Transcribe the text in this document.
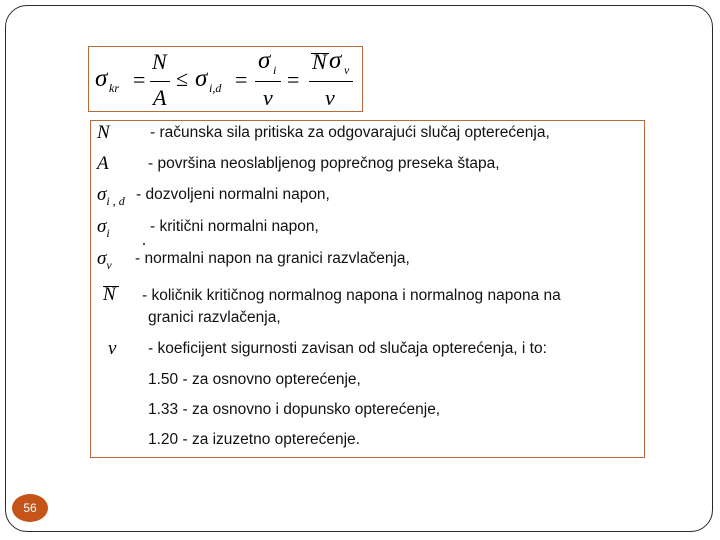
σ kr =
N
A
≤ σ i,d =
σ i
ν
=
N σ v
ν
N	- računska sila pritiska za odgovarajući slučaj opterećenja,
A	- površina neoslabljenog poprečnog preseka štapa,
$\sigma_{i , d}$ - dozvoljeni normalni napon,
$\sigma_i$	- kritični normalni napon,
$\sigma_v$ - normalni napon na granici razvlačenja,
N - količnik kritičnog normalnog napona i normalnog napona na
granici razvlačenja,
ν - koeficijent sigurnosti zavisan od slučaja opterećenja, i to:
1.50 - za osnovno opterećenje,
1.33 - za osnovno i dopunsko opterećenje,
1.20 - za izuzetno opterećenje.
56
